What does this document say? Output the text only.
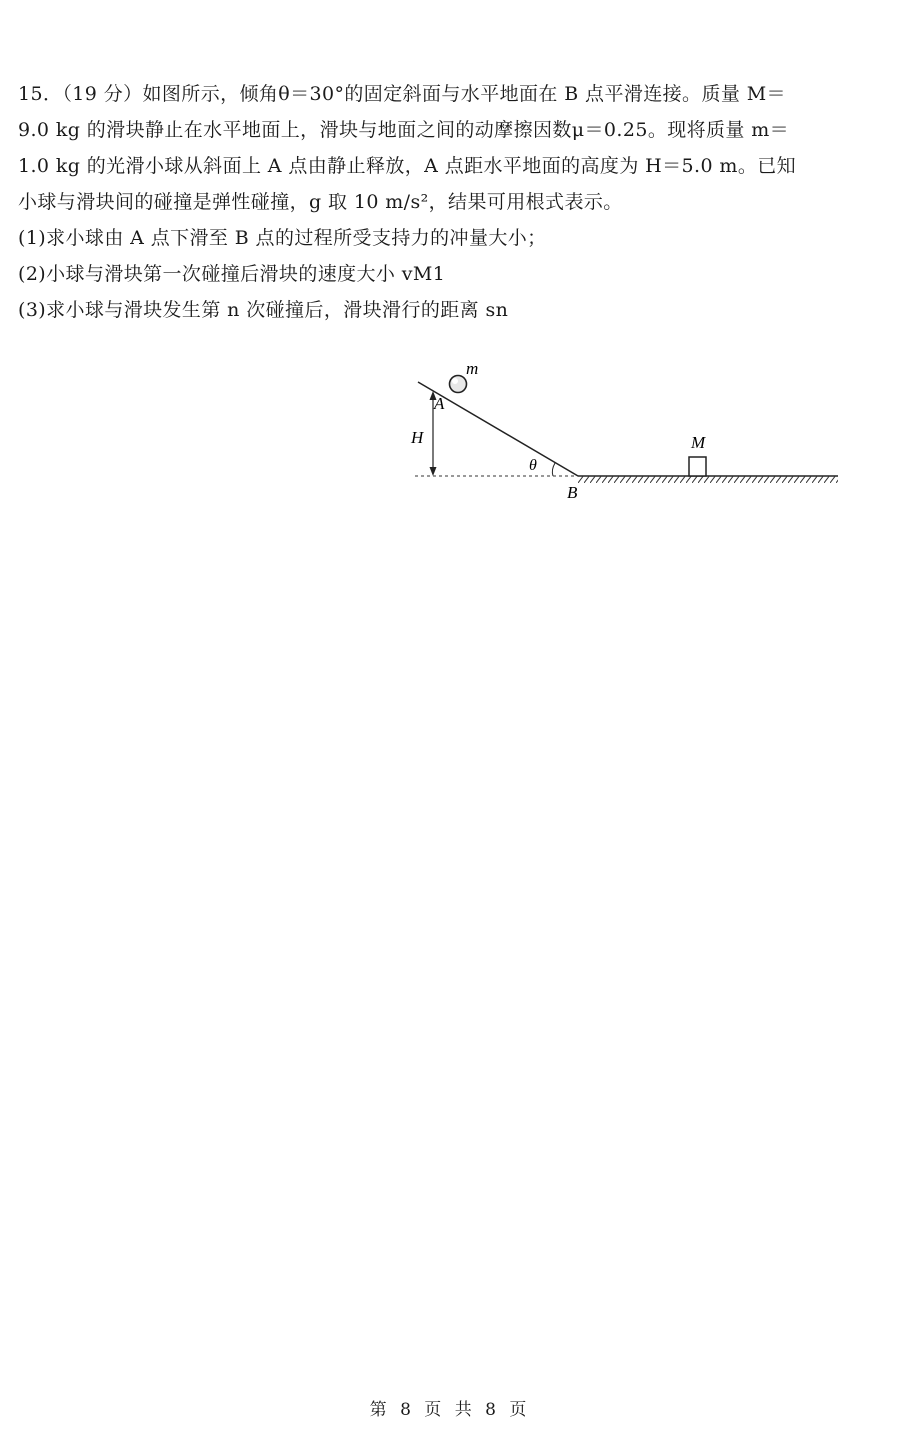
15．（19 分）如图所示，倾角θ＝30°的固定斜面与水平地面在 B 点平滑连接。质量 M＝
9.0 kg 的滑块静止在水平地面上，滑块与地面之间的动摩擦因数μ＝0.25。现将质量 m＝
1.0 kg 的光滑小球从斜面上 A 点由静止释放，A 点距水平地面的高度为 H＝5.0 m。已知
小球与滑块间的碰撞是弹性碰撞，g 取 10 m/s²，结果可用根式表示。
(1)求小球由 A 点下滑至 B 点的过程所受支持力的冲量大小；
(2)小球与滑块第一次碰撞后滑块的速度大小 vM1
(3)求小球与滑块发生第 n 次碰撞后，滑块滑行的距离 sn
m
A
H
θ
B
M
第 8 页 共 8 页
